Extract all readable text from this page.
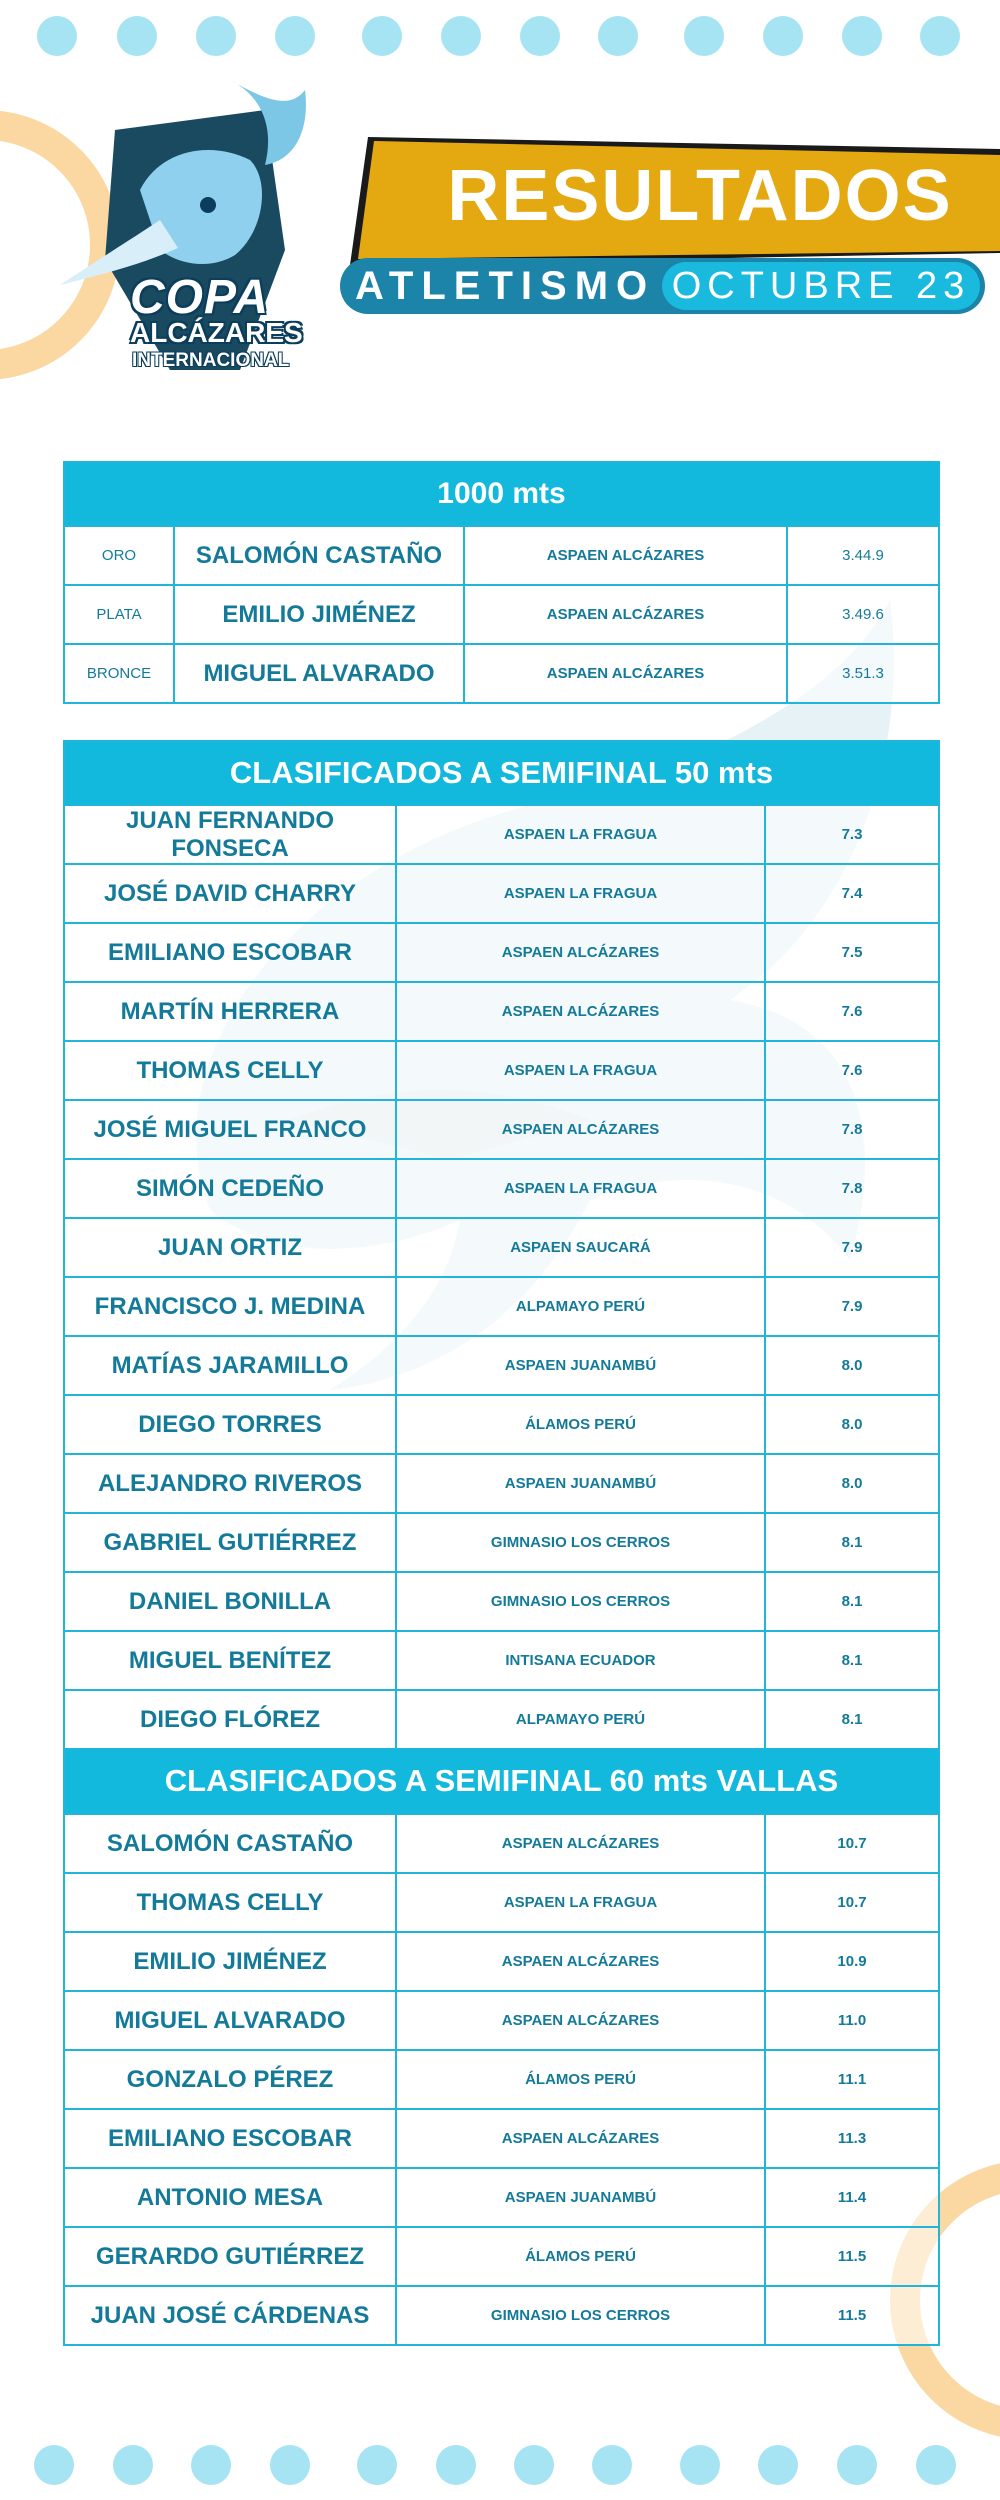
COPA
ALCÁZARES
INTERNACIONAL
RESULTADOS
ATLETISMO OCTUBRE 23
1000 mts
ORO	SALOMÓN CASTAÑO	ASPAEN ALCÁZARES	3.44.9
PLATA	EMILIO JIMÉNEZ	ASPAEN ALCÁZARES	3.49.6
BRONCE	MIGUEL ALVARADO	ASPAEN ALCÁZARES	3.51.3
CLASIFICADOS A SEMIFINAL 50 mts
JUAN FERNANDO FONSECA	ASPAEN LA FRAGUA	7.3
JOSÉ DAVID CHARRY	ASPAEN LA FRAGUA	7.4
EMILIANO ESCOBAR	ASPAEN ALCÁZARES	7.5
MARTÍN HERRERA	ASPAEN ALCÁZARES	7.6
THOMAS CELLY	ASPAEN LA FRAGUA	7.6
JOSÉ MIGUEL FRANCO	ASPAEN ALCÁZARES	7.8
SIMÓN CEDEÑO	ASPAEN LA FRAGUA	7.8
JUAN ORTIZ	ASPAEN SAUCARÁ	7.9
FRANCISCO J. MEDINA	ALPAMAYO PERÚ	7.9
MATÍAS JARAMILLO	ASPAEN JUANAMBÚ	8.0
DIEGO TORRES	ÁLAMOS PERÚ	8.0
ALEJANDRO RIVEROS	ASPAEN JUANAMBÚ	8.0
GABRIEL GUTIÉRREZ	GIMNASIO LOS CERROS	8.1
DANIEL BONILLA	GIMNASIO LOS CERROS	8.1
MIGUEL BENÍTEZ	INTISANA ECUADOR	8.1
DIEGO FLÓREZ	ALPAMAYO PERÚ	8.1
CLASIFICADOS A SEMIFINAL 60 mts VALLAS
SALOMÓN CASTAÑO	ASPAEN ALCÁZARES	10.7
THOMAS CELLY	ASPAEN LA FRAGUA	10.7
EMILIO JIMÉNEZ	ASPAEN ALCÁZARES	10.9
MIGUEL ALVARADO	ASPAEN ALCÁZARES	11.0
GONZALO PÉREZ	ÁLAMOS PERÚ	11.1
EMILIANO ESCOBAR	ASPAEN ALCÁZARES	11.3
ANTONIO MESA	ASPAEN JUANAMBÚ	11.4
GERARDO GUTIÉRREZ	ÁLAMOS PERÚ	11.5
JUAN JOSÉ CÁRDENAS	GIMNASIO LOS CERROS	11.5
